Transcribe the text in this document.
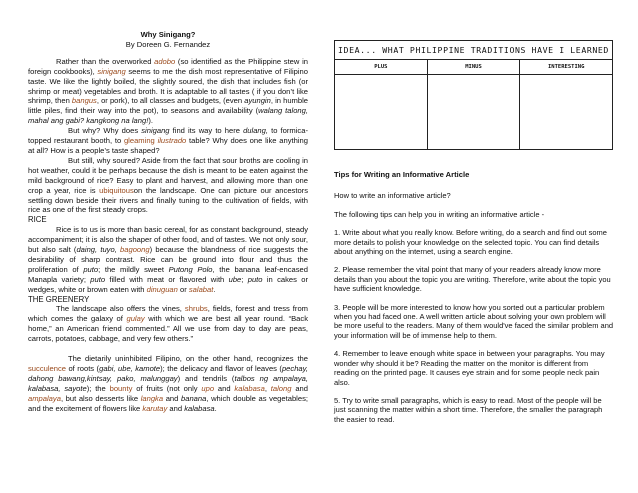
Why Sinigang?
By Doreen G. Fernandez

Rather than the overworked adobo (so identified as the Philippine stew in foreign cookbooks), sinigang seems to me the dish most representative of Filipino taste. We like the lightly boiled, the slightly soured, the dish that includes fish (or shrimp or meat) vegetables and broth. It is adaptable to all tastes ( if you don’t like shrimp, then bangus, or pork), to all classes and budgets, (even ayungin, in humble little piles, find their way into the pot), to seasons and availability (walang talong, mahal ang gabi? kangkong na lang!).

But why? Why does sinigang find its way to here dulang, to formica-topped restaurant booth, to gleaming ilustrado table? Why does one like anything at all? How is a people’s taste shaped?

But still, why soured? Aside from the fact that sour broths are cooling in hot weather, could it be perhaps because the dish is meant to be eaten against the mild background of rice? Easy to plant and harvest, and allowing more than one crop a year, rice is ubiquitouson the landscape. One can picture our ancestors settling down beside their rivers and finally tuning to the cultivation of fields, with rice as one of the first steady crops.

RICE

Rice is to us is more than basic cereal, for as constant background, steady accompaniment; it is also the shaper of other food, and of tastes. We not only sour, but also salt (daing, tuyo, bagoong) because the blandness of rice suggests the desirability of sharp contrast. Rice can be ground into flour and thus the proliferation of puto; the mildly sweet Putong Polo, the banana leaf-encased Manapla variety; puto filled with meat or flavored with ube; puto in cakes or wedges, white or brown eaten with dinuguan or salabat.

THE GREENERY

The landscape also offers the vines, shrubs, fields, forest and tress from which comes the galaxy of gulay with which we are best all year round. “Back home,” an American friend commented.” All we use from day to day are peas, carrots, potatoes, cabbage, and very few others.”

The dietarily uninhibited Filipino, on the other hand, recognizes the succulence of roots (gabi, ube, kamote); the delicacy and flavor of leaves (pechay, dahong bawang,kintsay, pako, malunggay) and tendrils (talbos ng ampalaya, kalabasa, sayote); the bounty of fruits (not only upo and kalabasa, talong and ampalaya, but also desserts like langka and banana, which double as vegetables; and the excitement of flowers like karutay and kalabasa.

IDEA... WHAT PHILIPPINE TRADITIONS HAVE I LEARNED
PLUS	MINUS	INTERESTING
Tips for Writing an Informative Article

How to write an informative article?

The following tips can help you in writing an informative article -

1. Write about what you really know. Before writing, do a search and find out some more details to polish your knowledge on the selected topic. You can find details about anything on the internet, using a search engine.

2. Please remember the vital point that many of your readers already know more details than you about the topic you are writing. Therefore, write about the topic you have sufficient knowledge.

3. People will be more interested to know how you sorted out a particular problem when you had faced one. A well written article about solving your own problem will be more useful to the readers. Many of them would've faced the similar problem and your information will be of immense help to them.

4. Remember to leave enough white space in between your paragraphs. You may wonder why should it be? Reading the matter on the monitor is different from reading on the printed page. It causes eye strain and for some people neck pain also.

5. Try to write small paragraphs, which is easy to read. Most of the people will be just scanning the matter within a short time. Therefore, the smaller the paragraph the easier to read.
